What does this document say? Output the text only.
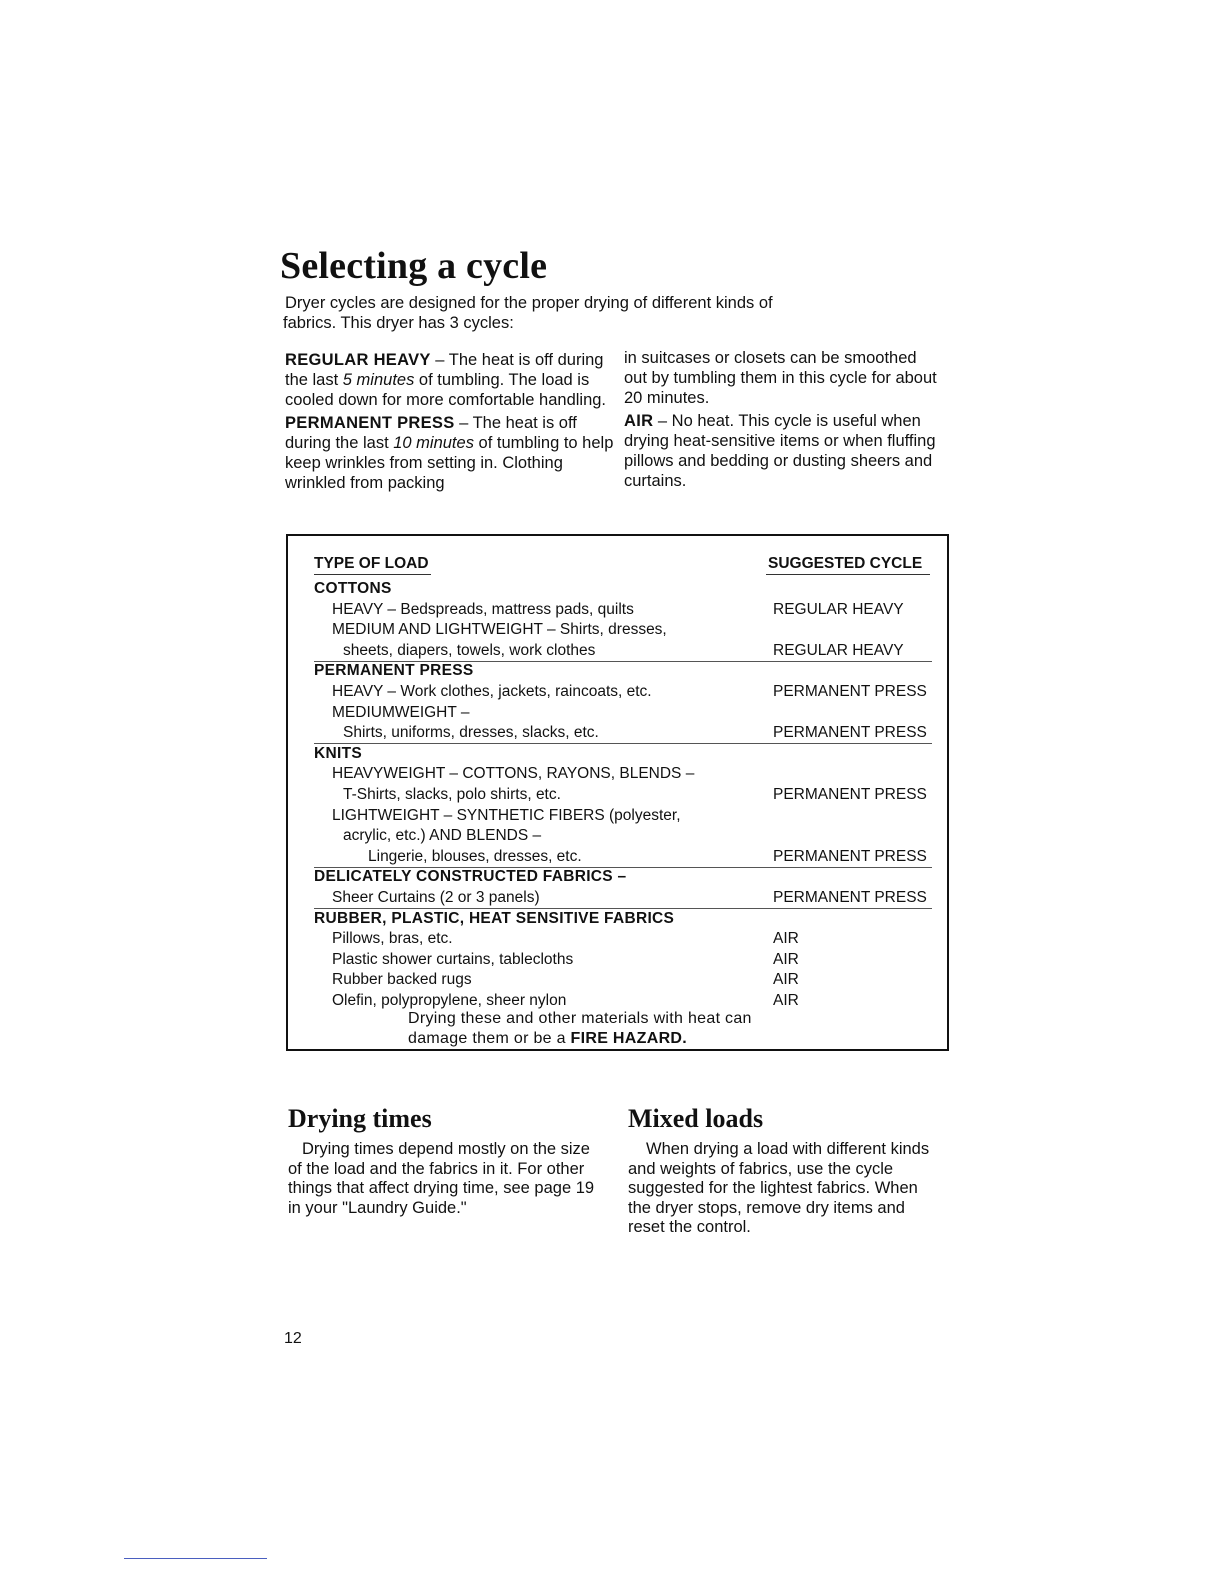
Selecting a cycle
Dryer cycles are designed for the proper drying of different kinds of
fabrics. This dryer has 3 cycles:

REGULAR HEAVY – The heat is off during the last 5 minutes of tumbling. The load is cooled down for more comfortable handling.

PERMANENT PRESS – The heat is off during the last 10 minutes of tumbling to help keep wrinkles from setting in. Clothing wrinkled from packing

in suitcases or closets can be smoothed out by tumbling them in this cycle for about 20 minutes.

AIR – No heat. This cycle is useful when drying heat-sensitive items or when fluffing pillows and bedding or dusting sheers and curtains.

TYPE OF LOAD	SUGGESTED CYCLE
Drying these and other materials with heat can
damage them or be a FIRE HAZARD.
COTTONS
HEAVY – Bedspreads, mattress pads, quilts	REGULAR HEAVY
MEDIUM AND LIGHTWEIGHT – Shirts, dresses,
sheets, diapers, towels, work clothes	REGULAR HEAVY
PERMANENT PRESS
HEAVY – Work clothes, jackets, raincoats, etc.	PERMANENT PRESS
MEDIUMWEIGHT –
Shirts, uniforms, dresses, slacks, etc.	PERMANENT PRESS
KNITS
HEAVYWEIGHT – COTTONS, RAYONS, BLENDS –
T-Shirts, slacks, polo shirts, etc.	PERMANENT PRESS
LIGHTWEIGHT – SYNTHETIC FIBERS (polyester,
acrylic, etc.) AND BLENDS –
Lingerie, blouses, dresses, etc.	PERMANENT PRESS
DELICATELY CONSTRUCTED FABRICS –
Sheer Curtains (2 or 3 panels)	PERMANENT PRESS
RUBBER, PLASTIC, HEAT SENSITIVE FABRICS
Pillows, bras, etc.	AIR
Plastic shower curtains, tablecloths	AIR
Rubber backed rugs	AIR
Olefin, polypropylene, sheer nylon	AIR
Drying times

Drying times depend mostly on the size of the load and the fabrics in it. For other things that affect drying time, see page 19 in your "Laundry Guide."

Mixed loads

When drying a load with different kinds and weights of fabrics, use the cycle suggested for the lightest fabrics. When the dryer stops, remove dry items and reset the control.

12
